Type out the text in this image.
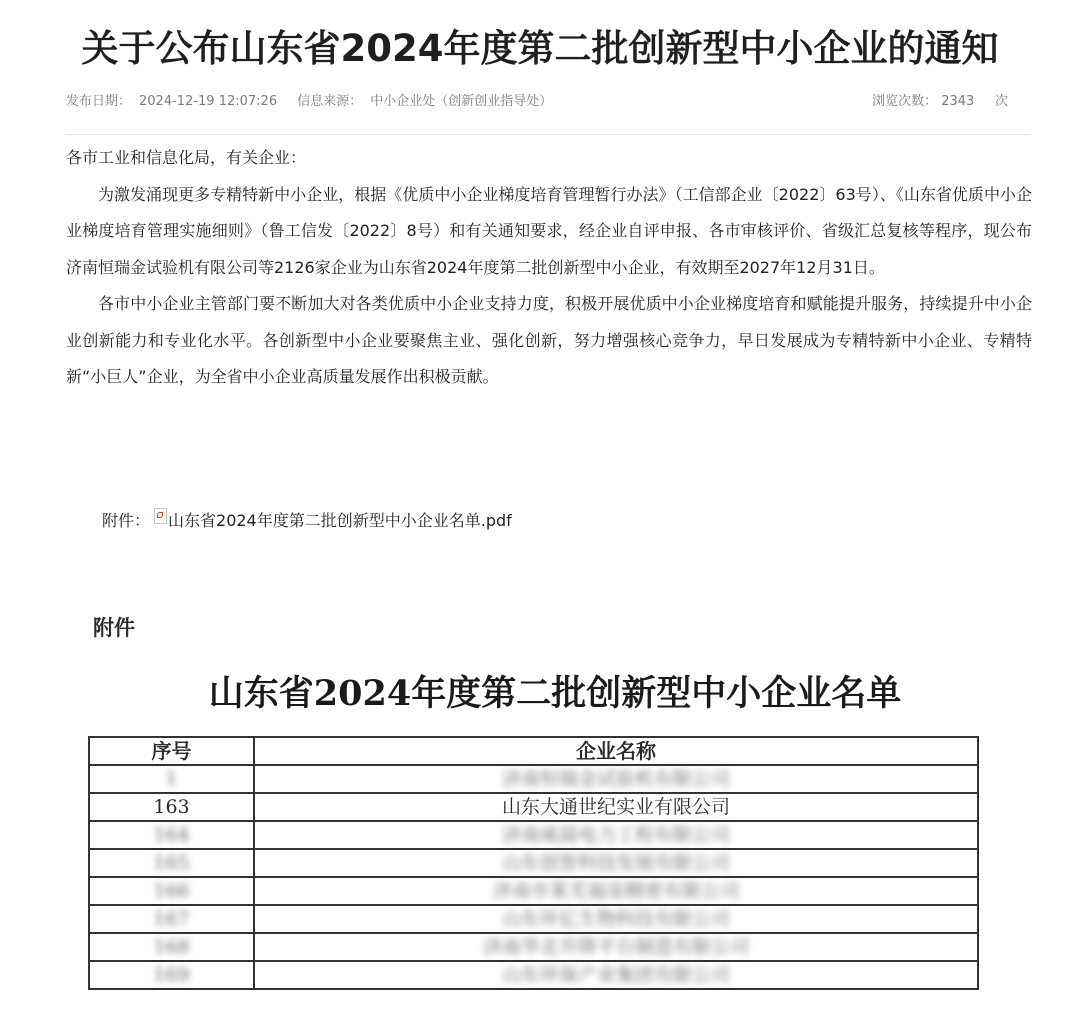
关于公布山东省2024年度第二批创新型中小企业的通知
发布日期： 2024-12-19 12:07:26 信息来源： 中小企业处（创新创业指导处）	浏览次数： 2343 次

各市工业和信息化局，有关企业：

为激发涌现更多专精特新中小企业，根据《优质中小企业梯度培育管理暂行办法》（工信部企业〔2022〕63号）、《山东省优质中小企业梯度培育管理实施细则》（鲁工信发〔2022〕8号）和有关通知要求，经企业自评申报、各市审核评价、省级汇总复核等程序，现公布济南恒瑞金试验机有限公司等2126家企业为山东省2024年度第二批创新型中小企业，有效期至2027年12月31日。

各市中小企业主管部门要不断加大对各类优质中小企业支持力度，积极开展优质中小企业梯度培育和赋能提升服务，持续提升中小企业创新能力和专业化水平。各创新型中小企业要聚焦主业、强化创新，努力增强核心竞争力，早日发展成为专精特新中小企业、专精特新“小巨人”企业，为全省中小企业高质量发展作出积极贡献。

附件： 山东省2024年度第二批创新型中小企业名单.pdf
附件
山东省2024年度第二批创新型中小企业名单
序号	企业名称
1	济南恒瑞金试验机有限公司
163	山东大通世纪实业有限公司
164	济南威晨电力工程有限公司
165	山东创智科技发展有限公司
166	济南市莱芜福泉精密有限公司
167	山东环亿生物科技有限公司
168	济南华北升降平台制造有限公司
169	山东环保产业集团有限公司
